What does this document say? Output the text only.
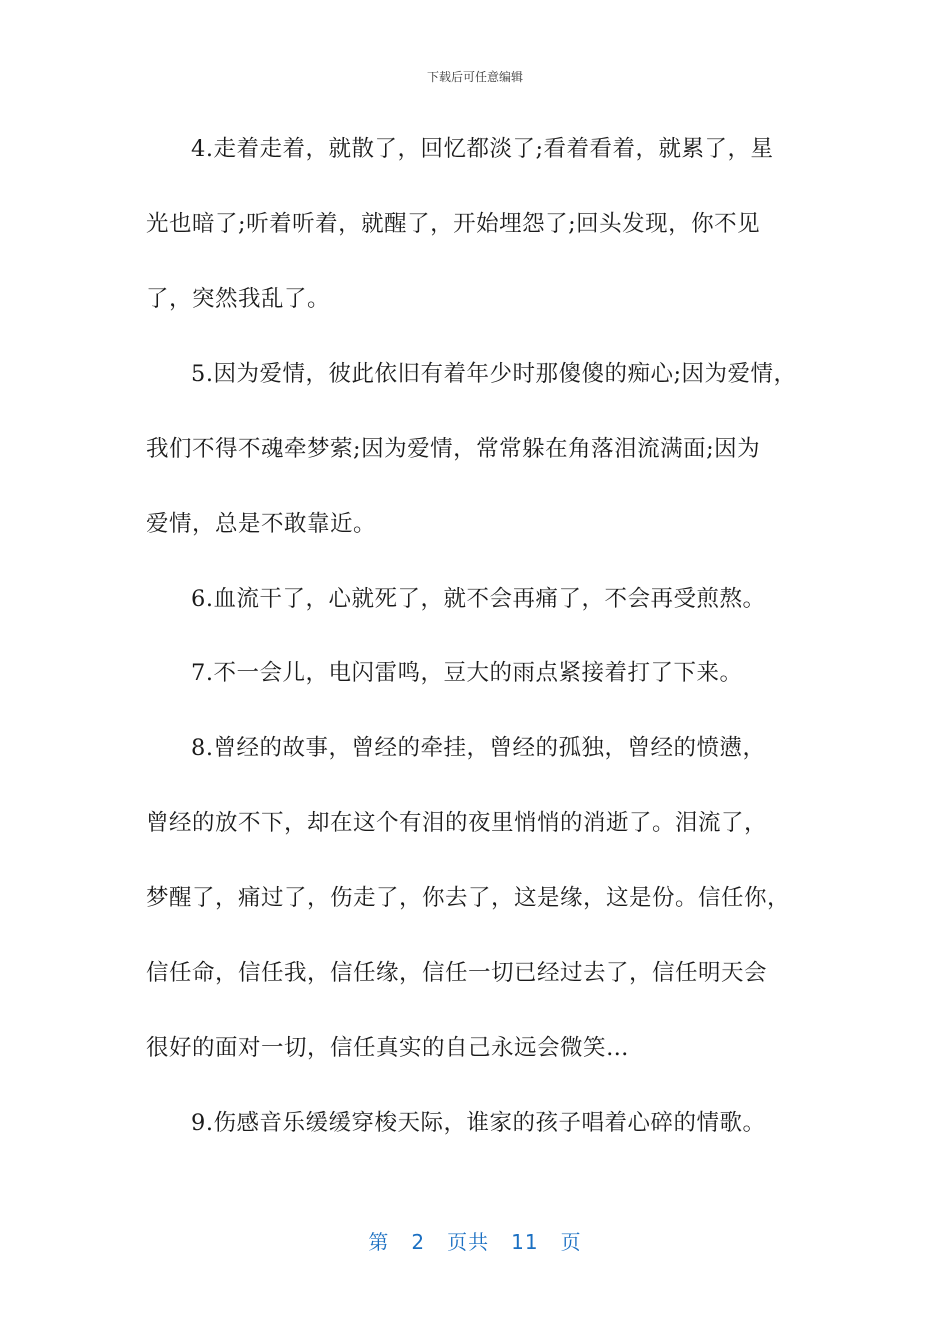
下载后可任意编辑
4.走着走着，就散了，回忆都淡了;看着看着，就累了，星
光也暗了;听着听着，就醒了，开始埋怨了;回头发现，你不见
了，突然我乱了。
5.因为爱情，彼此依旧有着年少时那傻傻的痴心;因为爱情，
我们不得不魂牵梦萦;因为爱情，常常躲在角落泪流满面;因为
爱情，总是不敢靠近。
6.血流干了，心就死了，就不会再痛了，不会再受煎熬。
7.不一会儿，电闪雷鸣，豆大的雨点紧接着打了下来。
8.曾经的故事，曾经的牵挂，曾经的孤独，曾经的愤懑，
曾经的放不下，却在这个有泪的夜里悄悄的消逝了。泪流了，
梦醒了，痛过了，伤走了，你去了，这是缘，这是份。信任你，
信任命，信任我，信任缘，信任一切已经过去了，信任明天会
很好的面对一切，信任真实的自己永远会微笑…
9.伤感音乐缓缓穿梭天际，谁家的孩子唱着心碎的情歌。
第 2 页共 11 页
